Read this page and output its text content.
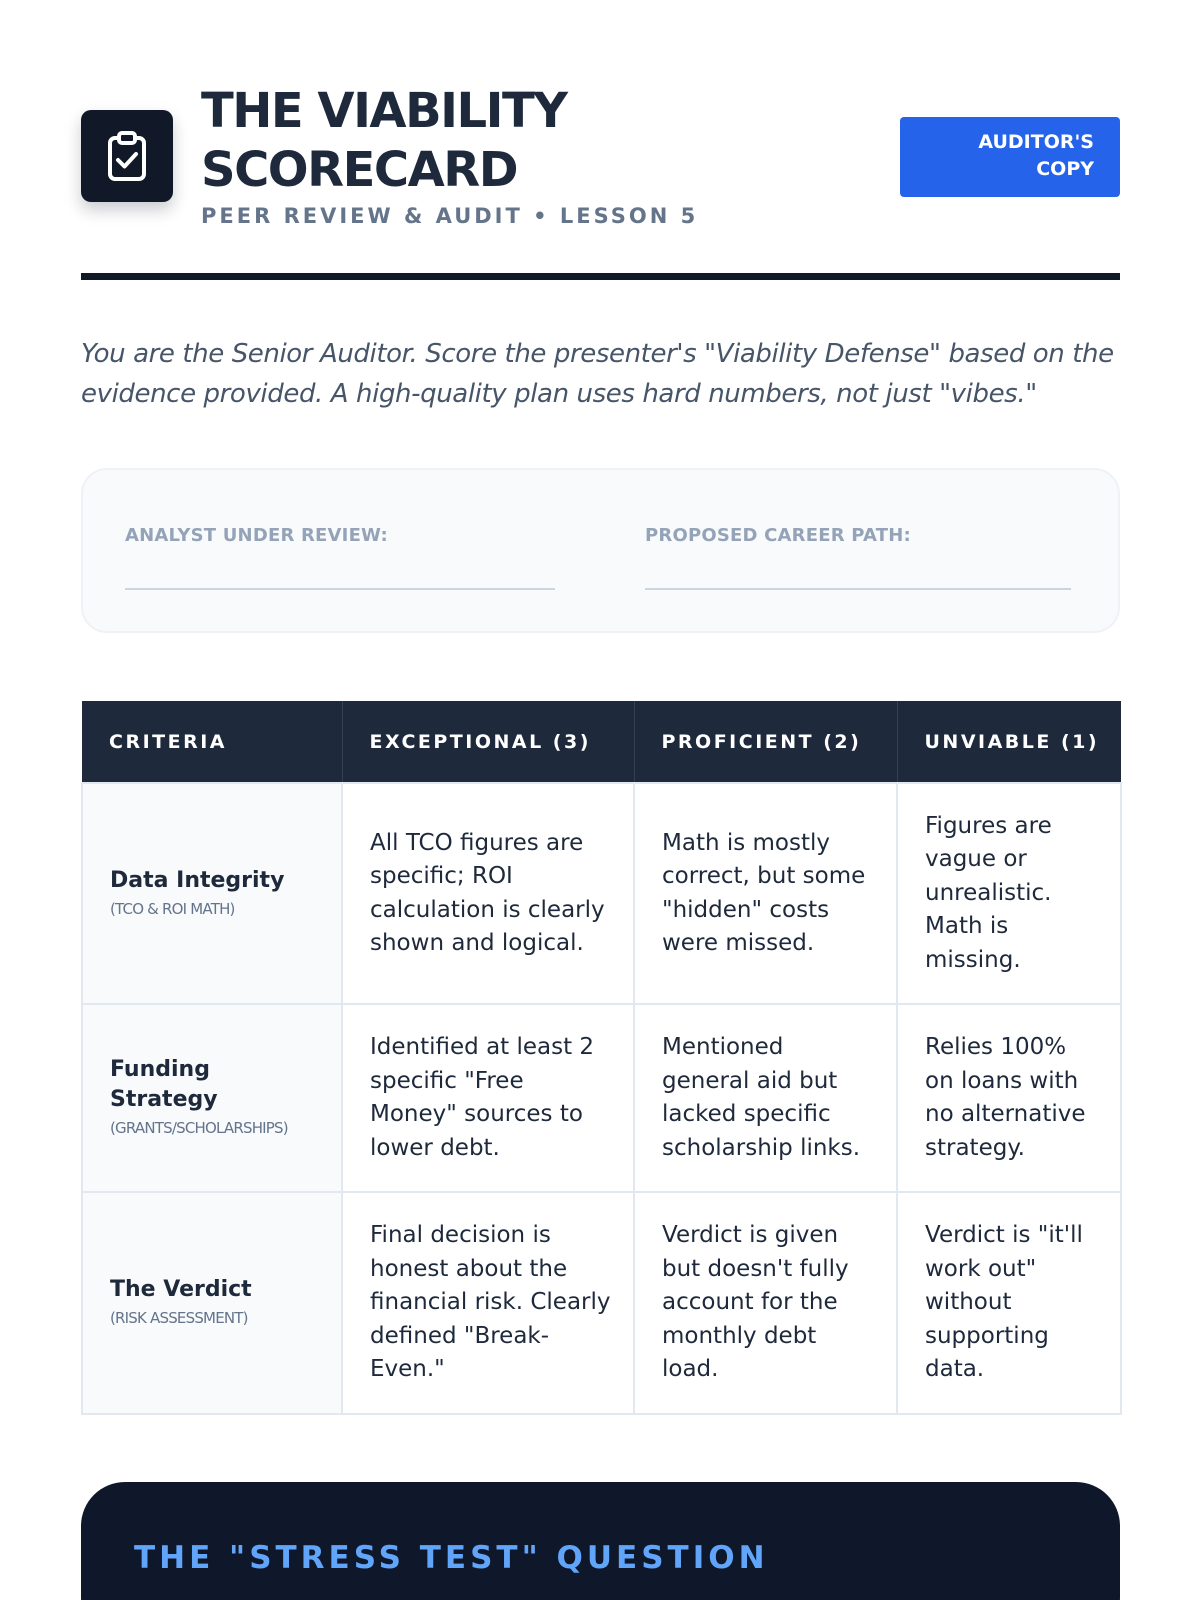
THE VIABILITY
SCORECARD
PEER REVIEW & AUDIT • LESSON 5
AUDITOR'S
COPY

You are the Senior Auditor. Score the presenter's "Viability Defense" based on the evidence provided. A high-quality plan uses hard numbers, not just "vibes."

ANALYST UNDER REVIEW:	PROPOSED CAREER PATH:
CRITERIA	EXCEPTIONAL (3)	PROFICIENT (2)	UNVIABLE (1)

Data Integrity
(TCO & ROI MATH)	All TCO figures are specific; ROI calculation is clearly shown and logical.	Math is mostly correct, but some "hidden" costs were missed.	Figures are vague or unrealistic. Math is missing.

Funding Strategy
(GRANTS/SCHOLARSHIPS)	Identified at least 2 specific "Free Money" sources to lower debt.	Mentioned general aid but lacked specific scholarship links.	Relies 100% on loans with no alternative strategy.

The Verdict
(RISK ASSESSMENT)	Final decision is honest about the financial risk. Clearly defined "Break-Even."	Verdict is given but doesn't fully account for the monthly debt load.	Verdict is "it'll work out" without supporting data.
THE "STRESS TEST" QUESTION
